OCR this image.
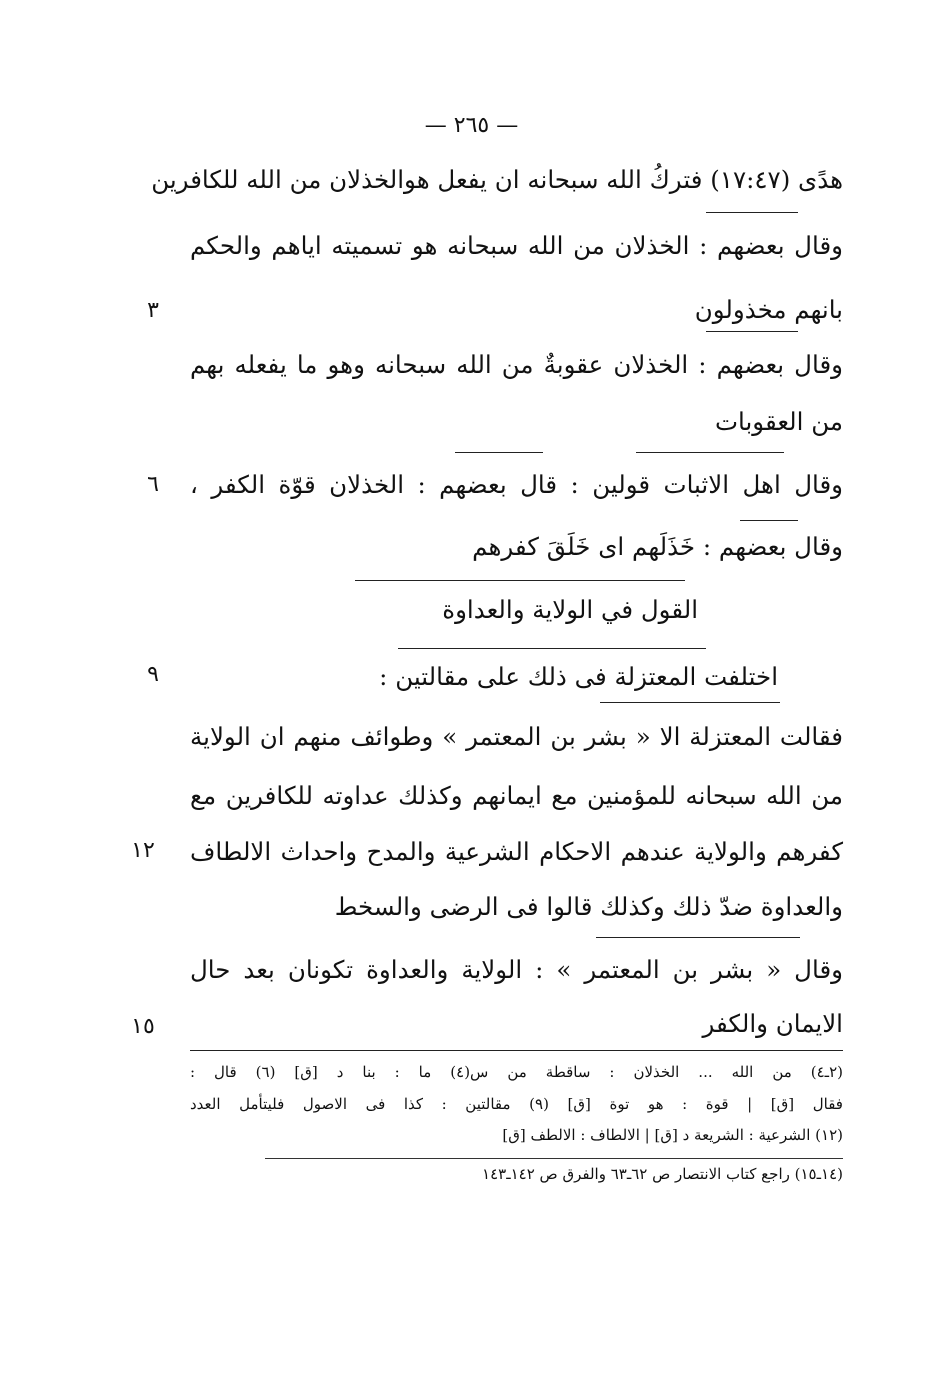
— ٢٦٥ —
هدًى (١٧:٤٧) فتركُ الله سبحانه ان يفعل هوالخذلان من الله للكافرين
وقال بعضهم : الخذلان من الله سبحانه هو تسميته اياهم والحكم
بانهم مخذولون
وقال بعضهم : الخذلان عقوبةٌ من الله سبحانه وهو ما يفعله بهم
من العقوبات
وقال اهل الاثبات قولين : قال بعضهم : الخذلان قوّة الكفر ،
وقال بعضهم : خَذَلَهم اى خَلَقَ كفرهم
القول في الولاية والعداوة
اختلفت المعتزلة فى ذلك على مقالتين :
فقالت المعتزلة الا « بشر بن المعتمر » وطوائف منهم ان الولاية
من الله سبحانه للمؤمنين مع ايمانهم وكذلك عداوته للكافرين مع
كفرهم والولاية عندهم الاحكام الشرعية والمدح واحداث الالطاف
والعداوة ضدّ ذلك وكذلك قالوا فى الرضى والسخط
وقال « بشر بن المعتمر » : الولاية والعداوة تكونان بعد حال
الايمان والكفر
٣
٦
٩
١٢
١٥
(٢ـ٤) من الله ... الخذلان : ساقطة من س(٤) ما : بنا د [ق] (٦) قال :
فقال [ق] | قوة : هو توة [ق] (٩) مقالتين : كذا فى الاصول فليتأمل العدد
(١٢) الشرعية : الشريعة د [ق] | الالطاف : الالطف [ق]
(١٤ـ١٥) راجع كتاب الانتصار ص ٦٢ـ٦٣ والفرق ص ١٤٢ـ١٤٣
